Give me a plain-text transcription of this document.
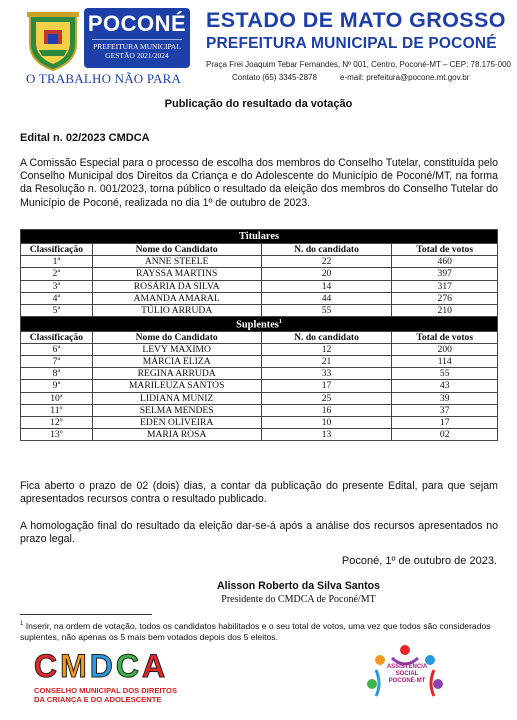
POCONÉ
PREFEITURA MUNICIPAL
GESTÃO 2021/2024
O TRABALHO NÃO PARA
ESTADO DE MATO GROSSO
PREFEITURA MUNICIPAL DE POCONÉ
Praça Frei Joaquim Tebar Fernandes, Nº 001, Centro, Poconé-MT – CEP: 78.175-000
Contato (65) 3345-2878	e-mail: prefeitura@pocone.mt.gov.br
Publicação do resultado da votação
Edital n. 02/2023 CMDCA
A Comissão Especial para o processo de escolha dos membros do Conselho Tutelar, constituída pelo Conselho Municipal dos Direitos da Criança e do Adolescente do Município de Poconé/MT, na forma da Resolução n. 001/2023, torna público o resultado da eleição dos membros do Conselho Tutelar do Município de Poconé, realizada no dia 1º de outubro de 2023.
Titulares			
Classificação	Nome do Candidato	N. do candidato	Total de votos
1ª	ANNE STEELE	22	460
2ª	RAYSSA MARTINS	20	397
3ª	ROSÁRIA DA SILVA	14	317
4ª	AMANDA AMARAL	44	276
5ª	TÚLIO ARRUDA	55	210
Suplentes$^1$
Classificação	Nome do Candidato	N. do candidato	Total de votos
6ª	LEVY MAXIMO	12	200
7ª	MÁRCIA ELIZA	21	114
8ª	REGINA ARRUDA	33	55
9ª	MARILEUZA SANTOS	17	43
10ª	LIDIANA MUNIZ	25	39
11º	SELMA MENDES	16	37
12º	EDEN OLIVEIRA	10	17
13º	MARIA ROSA	13	02
Fica aberto o prazo de 02 (dois) dias, a contar da publicação do presente Edital, para que sejam apresentados recursos contra o resultado publicado.
A homologação final do resultado da eleição dar-se-á após a análise dos recursos apresentados no prazo legal.
Poconé, 1º de outubro de 2023.
Alisson Roberto da Silva Santos
Presidente do CMDCA de Poconé/MT
$^1$ Inserir, na ordem de votação, todos os candidatos habilitados e o seu total de votos, uma vez que todos são considerados suplentes, não apenas os 5 mais bem votados depois dos 5 eleitos.
CMDCA
CONSELHO MUNICIPAL DOS DIREITOS
DA CRIANÇA E DO ADOLESCENTE
ASSISTÊNCIA
SOCIAL
POCONÉ-MT
